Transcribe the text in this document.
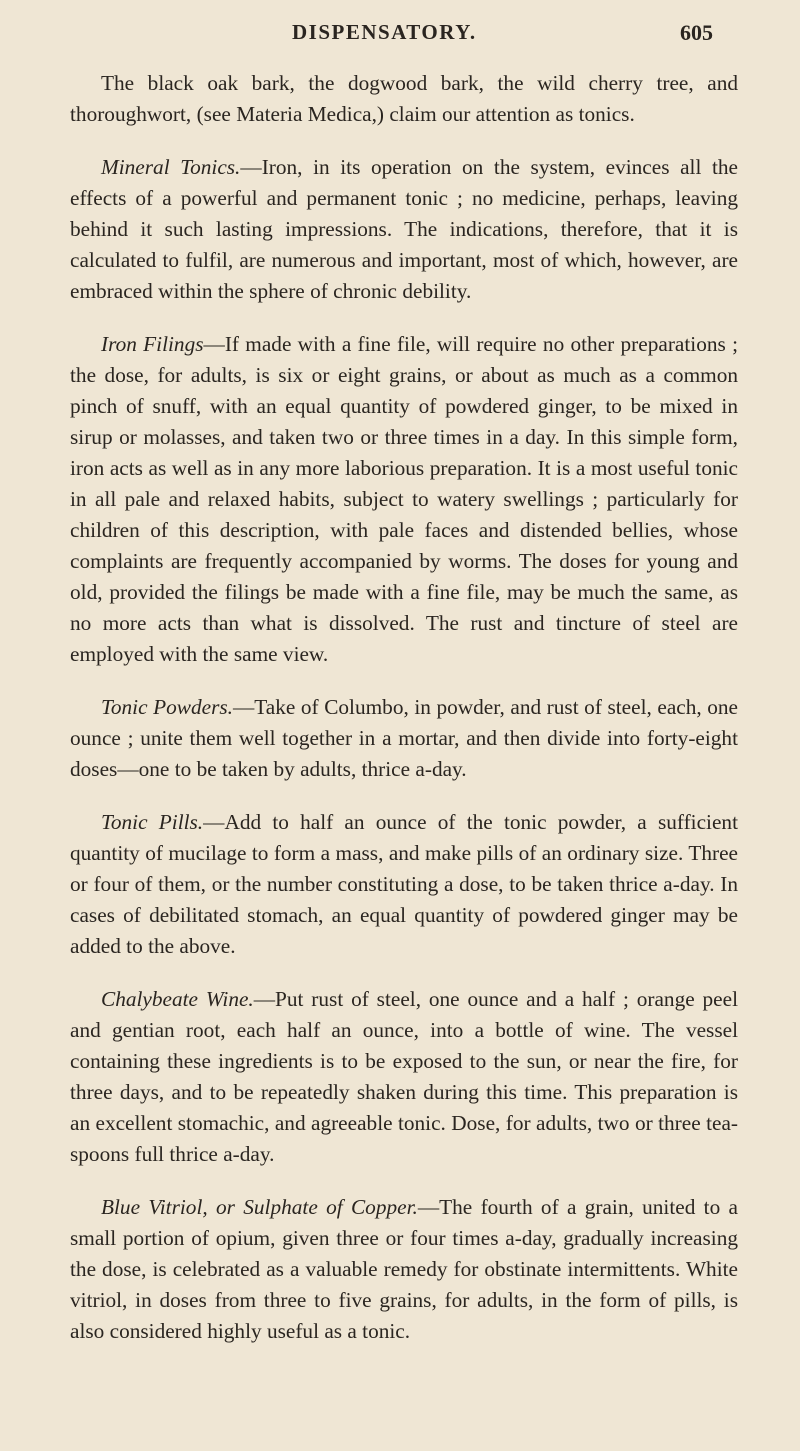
DISPENSATORY.	605

The black oak bark, the dogwood bark, the wild cherry tree, and thoroughwort, (see Materia Medica,) claim our attention as tonics.

Mineral Tonics.—Iron, in its operation on the system, evinces all the effects of a powerful and permanent tonic ; no medicine, perhaps, leaving behind it such lasting impressions. The indications, therefore, that it is calculated to fulfil, are numerous and important, most of which, however, are embraced within the sphere of chronic debility.

Iron Filings—If made with a fine file, will require no other preparations ; the dose, for adults, is six or eight grains, or about as much as a common pinch of snuff, with an equal quantity of powdered ginger, to be mixed in sirup or molasses, and taken two or three times in a day. In this simple form, iron acts as well as in any more laborious preparation. It is a most useful tonic in all pale and relaxed habits, subject to watery swellings ; particularly for children of this description, with pale faces and distended bellies, whose complaints are frequently accompanied by worms. The doses for young and old, provided the filings be made with a fine file, may be much the same, as no more acts than what is dissolved. The rust and tincture of steel are employed with the same view.

Tonic Powders.—Take of Columbo, in powder, and rust of steel, each, one ounce ; unite them well together in a mortar, and then divide into forty-eight doses—one to be taken by adults, thrice a-day.

Tonic Pills.—Add to half an ounce of the tonic powder, a sufficient quantity of mucilage to form a mass, and make pills of an ordinary size. Three or four of them, or the number constituting a dose, to be taken thrice a-day. In cases of debilitated stomach, an equal quantity of powdered ginger may be added to the above.

Chalybeate Wine.—Put rust of steel, one ounce and a half ; orange peel and gentian root, each half an ounce, into a bottle of wine. The vessel containing these ingredients is to be exposed to the sun, or near the fire, for three days, and to be repeatedly shaken during this time. This preparation is an excellent stomachic, and agreeable tonic. Dose, for adults, two or three tea-spoons full thrice a-day.

Blue Vitriol, or Sulphate of Copper.—The fourth of a grain, united to a small portion of opium, given three or four times a-day, gradually increasing the dose, is celebrated as a valuable remedy for obstinate intermittents. White vitriol, in doses from three to five grains, for adults, in the form of pills, is also considered highly useful as a tonic.
